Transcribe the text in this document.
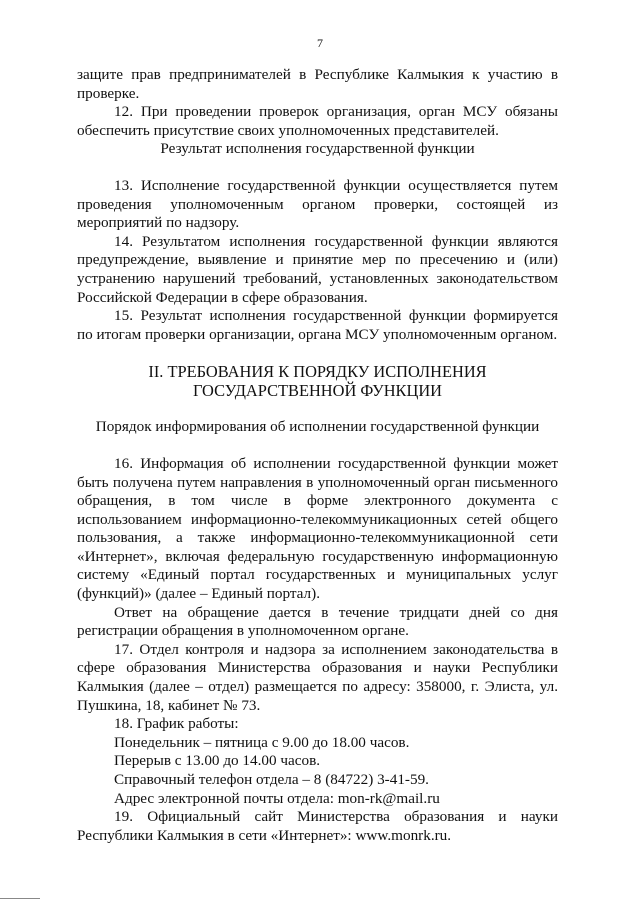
7

защите прав предпринимателей в Республике Калмыкия к участию в проверке.

12. При проведении проверок организация, орган МСУ обязаны обеспечить присутствие своих уполномоченных представителей.

Результат исполнения государственной функции

13. Исполнение государственной функции осуществляется путем проведения уполномоченным органом проверки, состоящей из мероприятий по надзору.

14. Результатом исполнения государственной функции являются предупреждение, выявление и принятие мер по пресечению и (или) устранению нарушений требований, установленных законодательством Российской Федерации в сфере образования.

15. Результат исполнения государственной функции формируется по итогам проверки организации, органа МСУ уполномоченным органом.

II. ТРЕБОВАНИЯ К ПОРЯДКУ ИСПОЛНЕНИЯ ГОСУДАРСТВЕННОЙ ФУНКЦИИ

Порядок информирования об исполнении государственной функции

16. Информация об исполнении государственной функции может быть получена путем направления в уполномоченный орган письменного обращения, в том числе в форме электронного документа с использованием информационно-телекоммуникационных сетей общего пользования, а также информационно-телекоммуникационной сети «Интернет», включая федеральную государственную информационную систему «Единый портал государственных и муниципальных услуг (функций)» (далее – Единый портал).

Ответ на обращение дается в течение тридцати дней со дня регистрации обращения в уполномоченном органе.

17. Отдел контроля и надзора за исполнением законодательства в сфере образования Министерства образования и науки Республики Калмыкия (далее – отдел) размещается по адресу: 358000, г. Элиста, ул. Пушкина, 18, кабинет № 73.

18. График работы:

Понедельник – пятница с 9.00 до 18.00 часов.

Перерыв с 13.00 до 14.00 часов.

Справочный телефон отдела – 8 (84722) 3-41-59.

Адрес электронной почты отдела: mon-rk@mail.ru

19. Официальный сайт Министерства образования и науки Республики Калмыкия в сети «Интернет»: www.monrk.ru.
